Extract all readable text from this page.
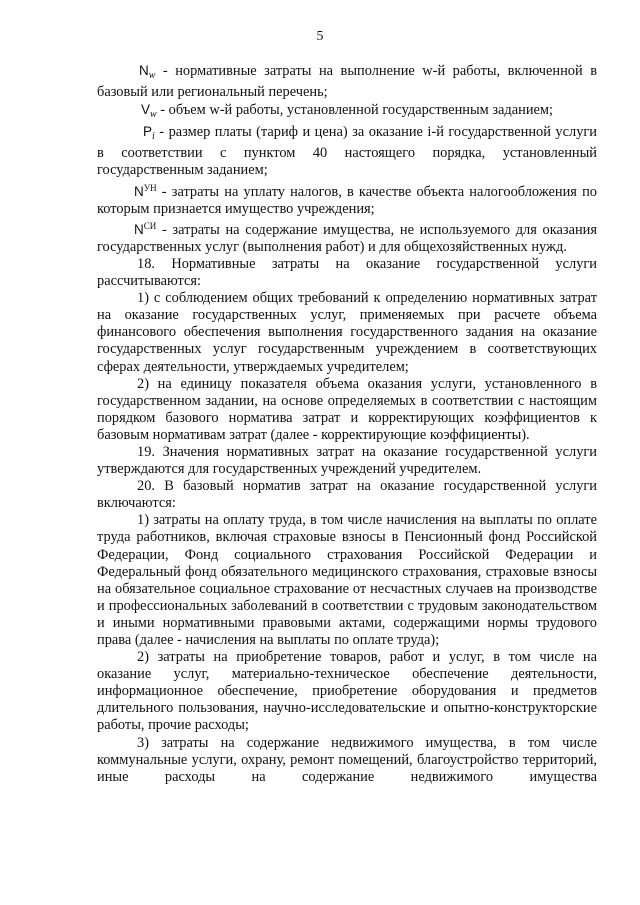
5

$N_w$ - нормативные затраты на выполнение w-й работы, включенной в базовый или региональный перечень;

$V_w$ - объем w-й работы, установленной государственным заданием;

$P_i$ - размер платы (тариф и цена) за оказание i-й государственной услуги в соответствии с пунктом 40 настоящего порядка, установленный государственным заданием;

$N^{УН}$ - затраты на уплату налогов, в качестве объекта налогообложения по которым признается имущество учреждения;

$N^{СИ}$ - затраты на содержание имущества, не используемого для оказания государственных услуг (выполнения работ) и для общехозяйственных нужд.

18. Нормативные затраты на оказание государственной услуги рассчитываются:

1) с соблюдением общих требований к определению нормативных затрат на оказание государственных услуг, применяемых при расчете объема финансового обеспечения выполнения государственного задания на оказание государственных услуг государственным учреждением в соответствующих сферах деятельности, утверждаемых учредителем;

2) на единицу показателя объема оказания услуги, установленного в государственном задании, на основе определяемых в соответствии с настоящим порядком базового норматива затрат и корректирующих коэффициентов к базовым нормативам затрат (далее - корректирующие коэффициенты).

19. Значения нормативных затрат на оказание государственной услуги утверждаются для государственных учреждений учредителем.

20. В базовый норматив затрат на оказание государственной услуги включаются:

1) затраты на оплату труда, в том числе начисления на выплаты по оплате труда работников, включая страховые взносы в Пенсионный фонд Российской Федерации, Фонд социального страхования Российской Федерации и Федеральный фонд обязательного медицинского страхования, страховые взносы на обязательное социальное страхование от несчастных случаев на производстве и профессиональных заболеваний в соответствии с трудовым законодательством и иными нормативными правовыми актами, содержащими нормы трудового права (далее - начисления на выплаты по оплате труда);

2) затраты на приобретение товаров, работ и услуг, в том числе на оказание услуг, материально-техническое обеспечение деятельности, информационное обеспечение, приобретение оборудования и предметов длительного пользования, научно-исследовательские и опытно-конструкторские работы, прочие расходы;

3) затраты на содержание недвижимого имущества, в том числе коммунальные услуги, охрану, ремонт помещений, благоустройство территорий, иные расходы на содержание недвижимого имущества
